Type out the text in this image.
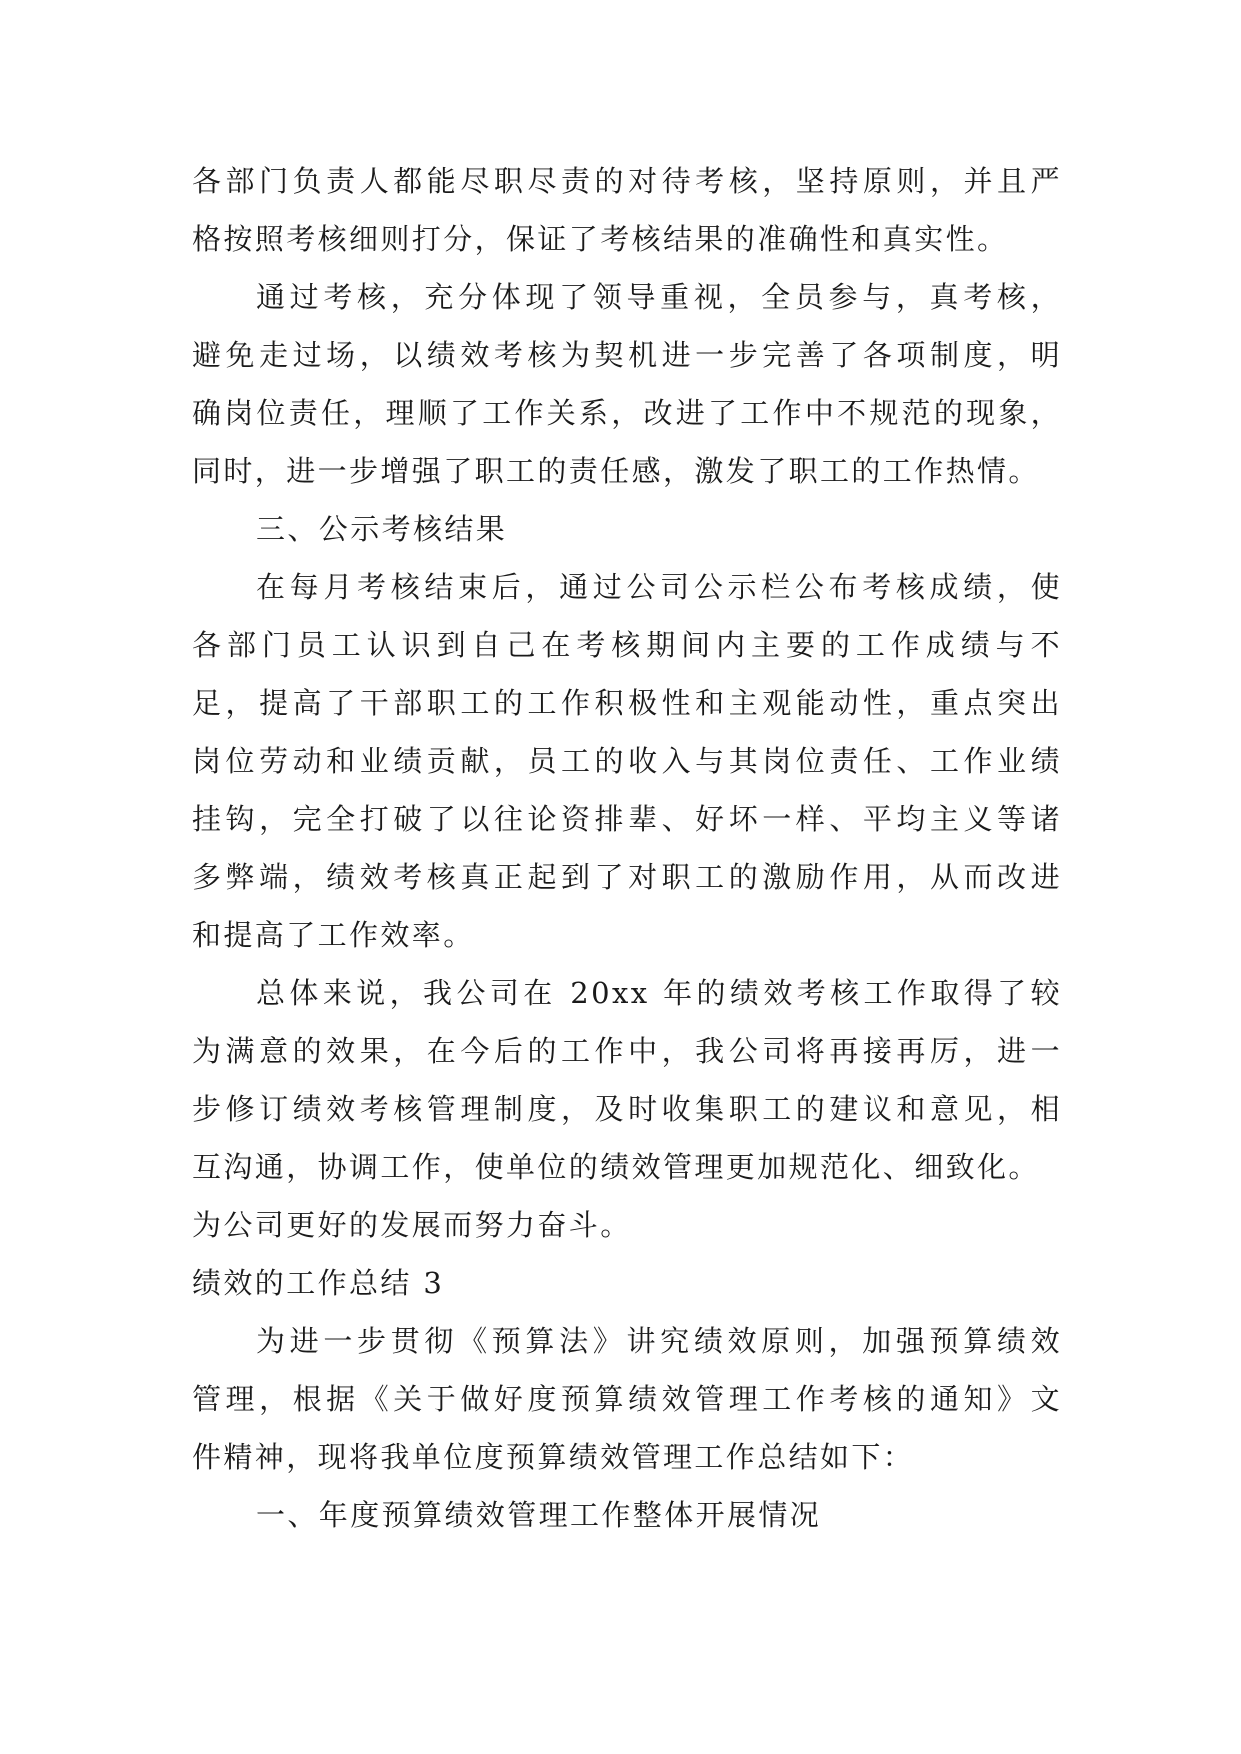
各部门负责人都能尽职尽责的对待考核，坚持原则，并且严
格按照考核细则打分，保证了考核结果的准确性和真实性。
通过考核，充分体现了领导重视，全员参与，真考核，
避免走过场，以绩效考核为契机进一步完善了各项制度，明
确岗位责任，理顺了工作关系，改进了工作中不规范的现象，
同时，进一步增强了职工的责任感，激发了职工的工作热情。
三、公示考核结果
在每月考核结束后，通过公司公示栏公布考核成绩，使
各部门员工认识到自己在考核期间内主要的工作成绩与不
足，提高了干部职工的工作积极性和主观能动性，重点突出
岗位劳动和业绩贡献，员工的收入与其岗位责任、工作业绩
挂钩，完全打破了以往论资排辈、好坏一样、平均主义等诸
多弊端，绩效考核真正起到了对职工的激励作用，从而改进
和提高了工作效率。
总体来说，我公司在 20xx 年的绩效考核工作取得了较
为满意的效果，在今后的工作中，我公司将再接再厉，进一
步修订绩效考核管理制度，及时收集职工的建议和意见，相
互沟通，协调工作，使单位的绩效管理更加规范化、细致化。
为公司更好的发展而努力奋斗。
绩效的工作总结 3
为进一步贯彻《预算法》讲究绩效原则，加强预算绩效
管理，根据《关于做好度预算绩效管理工作考核的通知》文
件精神，现将我单位度预算绩效管理工作总结如下：
一、年度预算绩效管理工作整体开展情况
